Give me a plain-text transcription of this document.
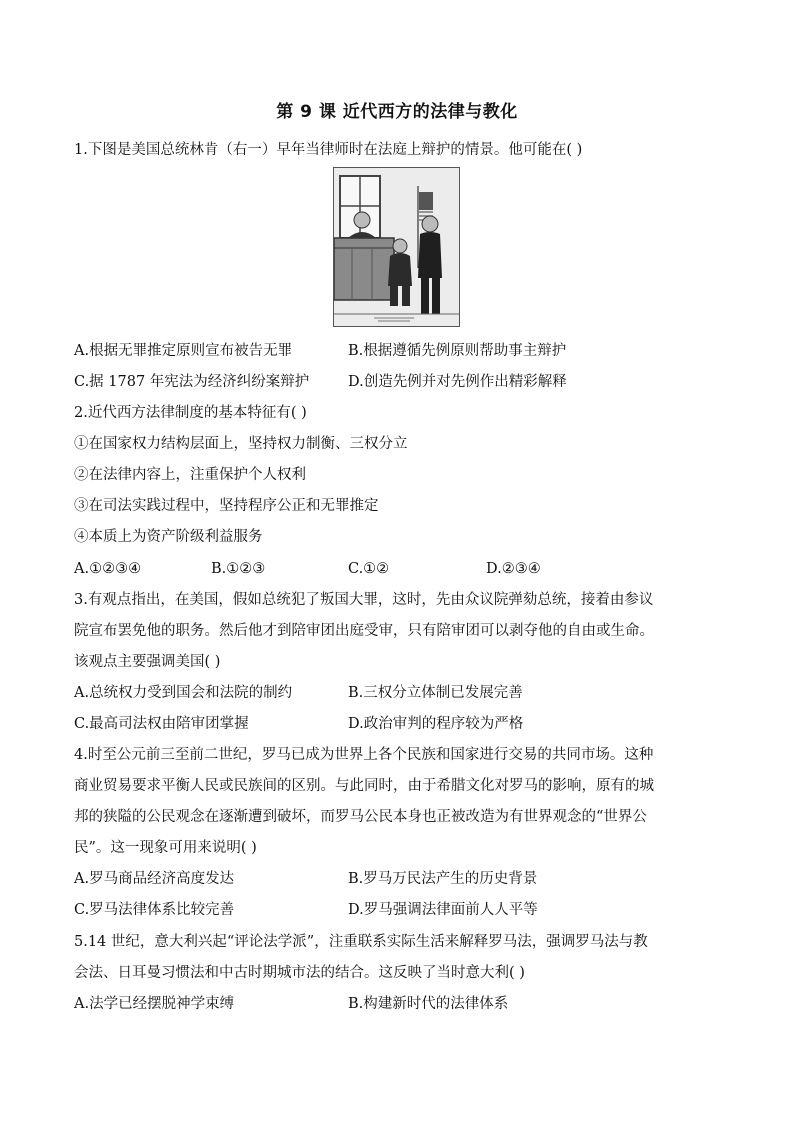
第 9 课 近代西方的法律与教化
1.下图是美国总统林肯（右一）早年当律师时在法庭上辩护的情景。他可能在( )
A.根据无罪推定原则宣布被告无罪	B.根据遵循先例原则帮助事主辩护
C.据 1787 年宪法为经济纠纷案辩护	D.创造先例并对先例作出精彩解释
2.近代西方法律制度的基本特征有( )
①在国家权力结构层面上，坚持权力制衡、三权分立
②在法律内容上，注重保护个人权利
③在司法实践过程中，坚持程序公正和无罪推定
④本质上为资产阶级利益服务
A.①②③④	B.①②③	C.①②	D.②③④
3.有观点指出，在美国，假如总统犯了叛国大罪，这时，先由众议院弹劾总统，接着由参议
院宣布罢免他的职务。然后他才到陪审团出庭受审，只有陪审团可以剥夺他的自由或生命。
该观点主要强调美国( )
A.总统权力受到国会和法院的制约	B.三权分立体制已发展完善
C.最高司法权由陪审团掌握	D.政治审判的程序较为严格
4.时至公元前三至前二世纪，罗马已成为世界上各个民族和国家进行交易的共同市场。这种
商业贸易要求平衡人民或民族间的区别。与此同时，由于希腊文化对罗马的影响，原有的城
邦的狭隘的公民观念在逐渐遭到破坏，而罗马公民本身也正被改造为有世界观念的“世界公
民”。这一现象可用来说明( )
A.罗马商品经济高度发达	B.罗马万民法产生的历史背景
C.罗马法律体系比较完善	D.罗马强调法律面前人人平等
5.14 世纪，意大利兴起“评论法学派”，注重联系实际生活来解释罗马法，强调罗马法与教
会法、日耳曼习惯法和中古时期城市法的结合。这反映了当时意大利( )
A.法学已经摆脱神学束缚	B.构建新时代的法律体系
